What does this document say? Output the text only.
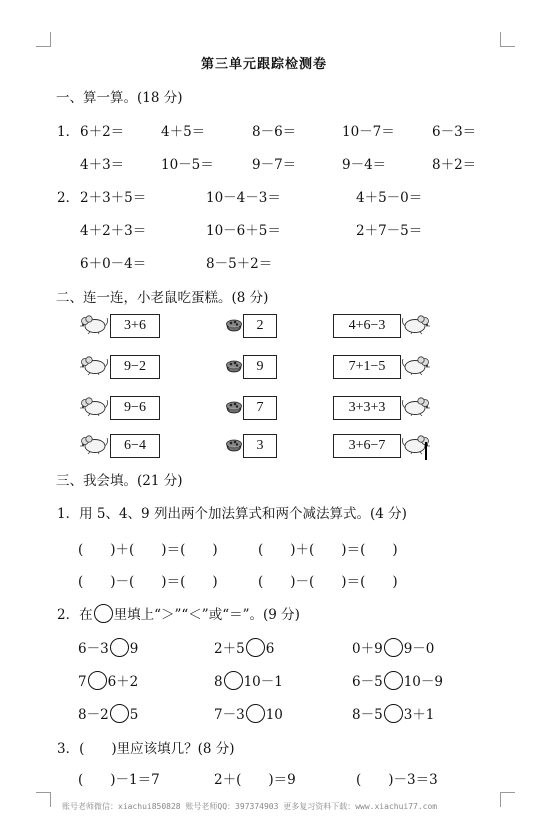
第三单元跟踪检测卷
一、算一算。(18 分)
1． 6＋2＝	4＋5＝	8－6＝	10－7＝	6－3＝
4＋3＝	10－5＝	9－7＝	9－4＝	8＋2＝
2． 2＋3＋5＝	10－4－3＝	4＋5－0＝
4＋2＋3＝	10－6＋5＝	2＋7－5＝
6＋0－4＝	8－5＋2＝
二、连一连，小老鼠吃蛋糕。(8 分)
3+6	2	4+6−3
9−2	9	7+1−5
9−6	7	3+3+3
6−4	3	3+6−7
三、我会填。(21 分)
1．用 5、4、9 列出两个加法算式和两个减法算式。(4 分)
(　　)＋(　　)＝(　　)	(　　)＋(　　)＝(　　)
(　　)－(　　)＝(　　)	(　　)－(　　)＝(　　)
2．在 里填上“＞”“＜”或“＝”。(9 分)
6－3 9	2＋5 6	0＋9 9－0
7 6＋2	8 10－1	6－5 10－9
8－2 5	7－3 10	8－5 3＋1
3．(　　)里应该填几？(8 分)
(　　)－1＝7	2＋(　　)＝9	(　　)－3＝3
账号老师微信：xiachui850828 账号老师QQ：397374903 更多复习资料下载：www.xiachui77.com
